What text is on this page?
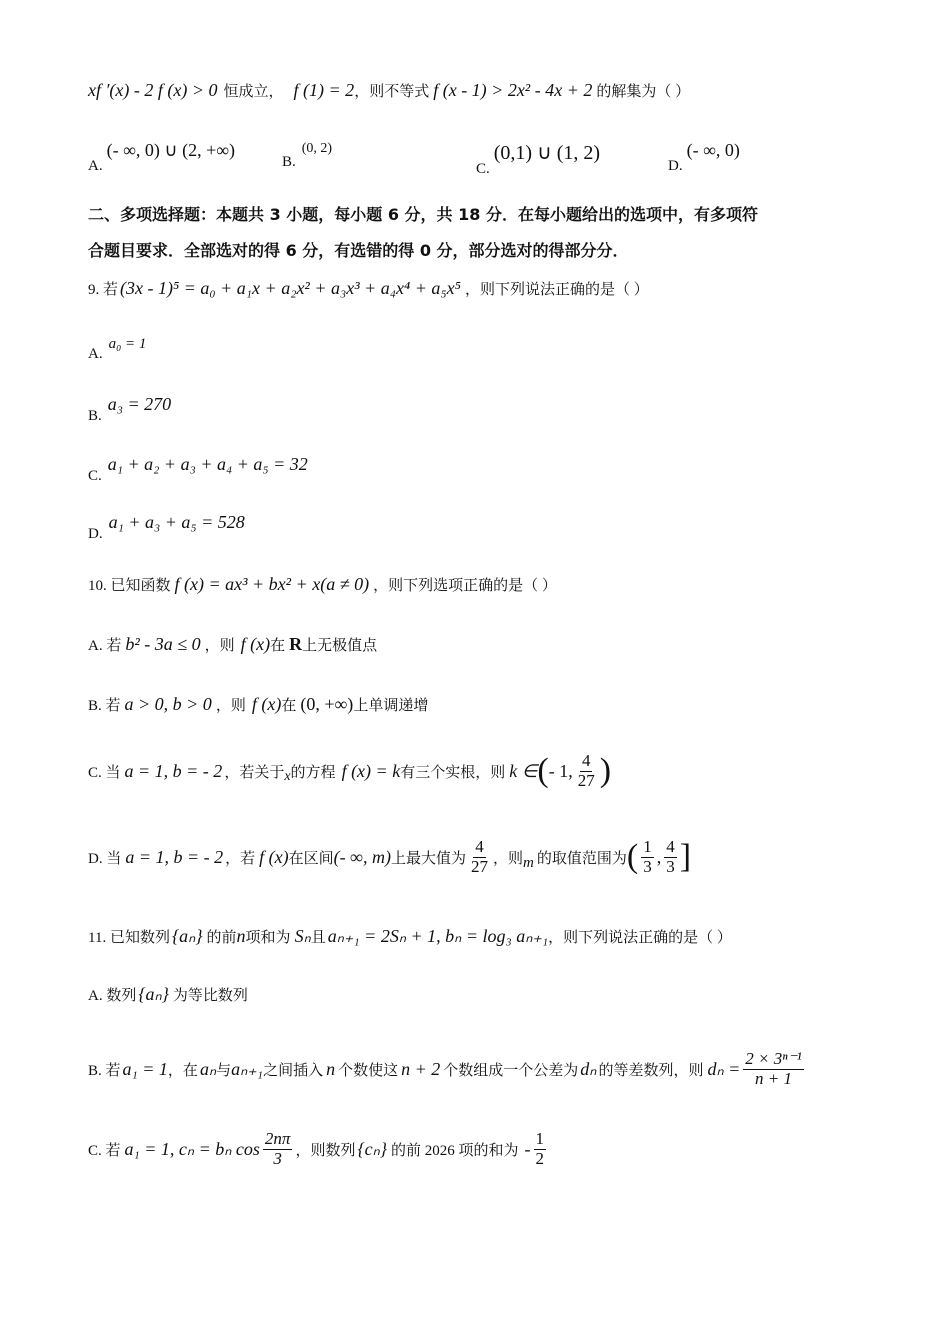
xf ′(x) - 2 f (x) > 0 恒成立， f (1) = 2 ，则不等式 f (x - 1) > 2x² - 4x + 2 的解集为（ ）
A.
(- ∞, 0) ∪ (2, +∞)
B.
(0, 2)
C.
(0,1) ∪ (1, 2)
D.
(- ∞, 0)
二、多项选择题：本题共 3 小题，每小题 6 分，共 18 分．在每小题给出的选项中，有多项符
合题目要求．全部选对的得 6 分，有选错的得 0 分，部分选对的得部分分．
9. 若 (3x - 1)⁵ = a₀ + a₁x + a₂x² + a₃x³ + a₄x⁴ + a₅x⁵ ，则下列说法正确的是（ ）
A.
a₀ = 1
B.
a₃ = 270
C.
a₁ + a₂ + a₃ + a₄ + a₅ = 32
D.
a₁ + a₃ + a₅ = 528
10. 已知函数 f (x) = ax³ + bx² + x(a ≠ 0) ，则下列选项正确的是（ ）
A. 若 b² - 3a ≤ 0 ，则 f (x) 在 R 上无极值点
B. 若 a > 0, b > 0 ，则 f (x) 在 (0, +∞) 上单调递增
C. 当 a = 1, b = - 2 ，若关于 x 的方程 f (x) = k 有三个实根，则 k ∈ ( - 1, $\frac{4}{27}$ )
D. 当 a = 1, b = - 2 ，若 f (x) 在区间 (- ∞, m) 上最大值为 $\frac{4}{27}$ ，则 m 的取值范围为 ( $\frac{1}{3}$ , $\frac{4}{3}$ ]
11. 已知数列 {aₙ} 的前 n 项和为 Sₙ 且 aₙ₊₁ = 2Sₙ + 1, bₙ = log₃ aₙ₊₁ ，则下列说法正确的是（ ）
A. 数列 {aₙ} 为等比数列
B. 若 a₁ = 1 ，在 aₙ 与 aₙ₊₁ 之间插入 n 个数使这 n + 2 个数组成一个公差为 dₙ 的等差数列，则 $d_n = \frac{\text{2 × 3ⁿ⁻¹}}{n + 1}$
C. 若 a₁ = 1, cₙ = bₙ $\cos \frac{2n\pi}{3}$ ，则数列 {cₙ} 的前 2026 项的和为 - $\frac{1}{2}$
